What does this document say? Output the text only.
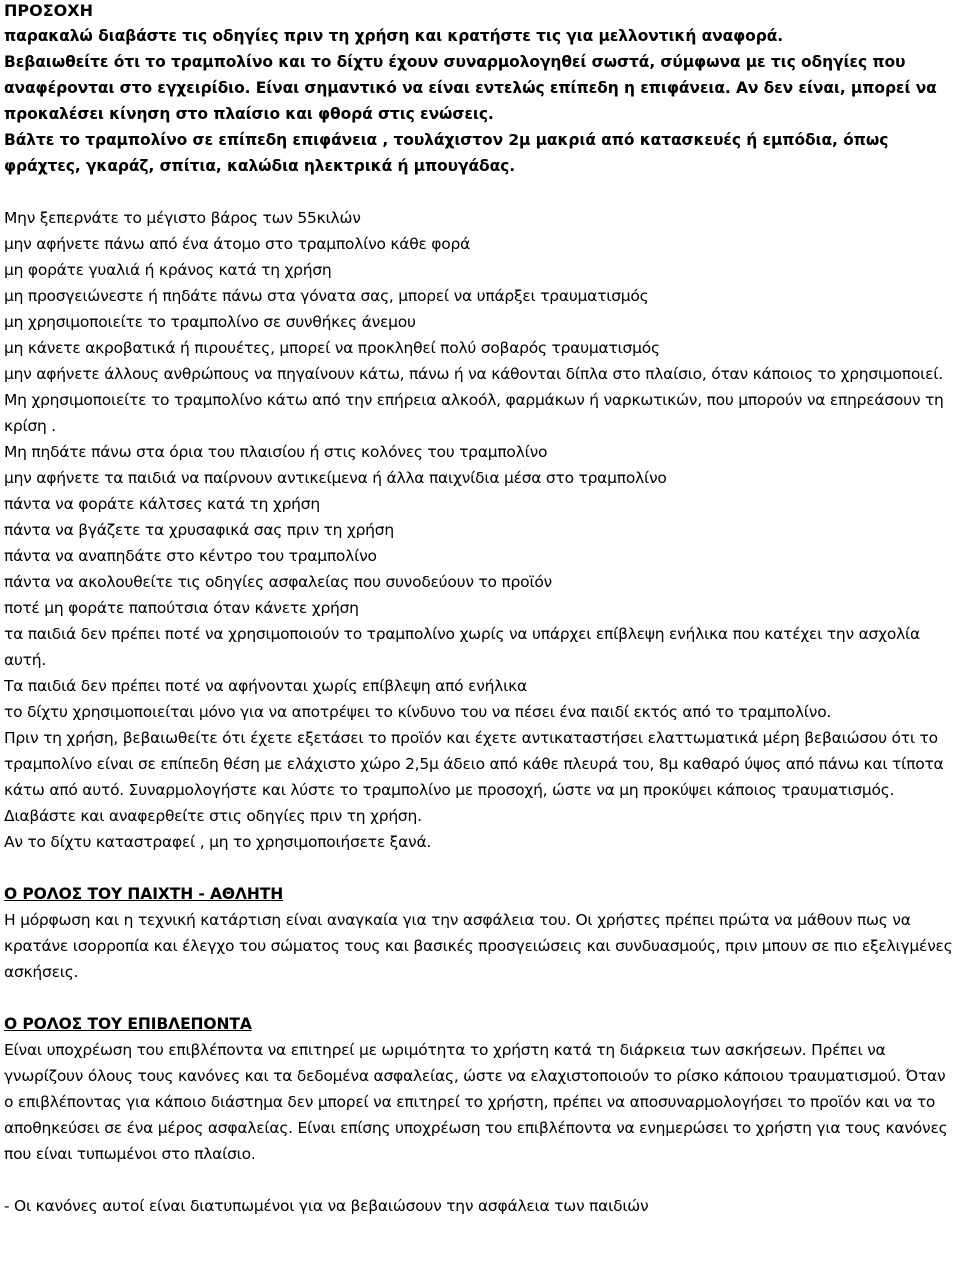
ΠΡΟΣΟΧΗ

παρακαλώ διαβάστε τις οδηγίες πριν τη χρήση και κρατήστε τις για μελλοντική αναφορά.

Βεβαιωθείτε ότι το τραμπολίνο και το δίχτυ έχουν συναρμολογηθεί σωστά, σύμφωνα με τις οδηγίες που αναφέρονται στο εγχειρίδιο. Είναι σημαντικό να είναι εντελώς επίπεδη η επιφάνεια. Αν δεν είναι, μπορεί να προκαλέσει κίνηση στο πλαίσιο και φθορά στις ενώσεις.

Βάλτε το τραμπολίνο σε επίπεδη επιφάνεια , τουλάχιστον 2μ μακριά από κατασκευές ή εμπόδια, όπως φράχτες, γκαράζ, σπίτια, καλώδια ηλεκτρικά ή μπουγάδας.

Μην ξεπερνάτε το μέγιστο βάρος των 55κιλών

μην αφήνετε πάνω από ένα άτομο στο τραμπολίνο κάθε φορά

μη φοράτε γυαλιά ή κράνος κατά τη χρήση

μη προσγειώνεστε ή πηδάτε πάνω στα γόνατα σας, μπορεί να υπάρξει τραυματισμός

μη χρησιμοποιείτε το τραμπολίνο σε συνθήκες άνεμου

μη κάνετε ακροβατικά ή πιρουέτες, μπορεί να προκληθεί πολύ σοβαρός τραυματισμός

μην αφήνετε άλλους ανθρώπους να πηγαίνουν κάτω, πάνω ή να κάθονται δίπλα στο πλαίσιο, όταν κάποιος το χρησιμοποιεί.

Μη χρησιμοποιείτε το τραμπολίνο κάτω από την επήρεια αλκοόλ, φαρμάκων ή ναρκωτικών, που μπορούν να επηρεάσουν τη κρίση .

Μη πηδάτε πάνω στα όρια του πλαισίου ή στις κολόνες του τραμπολίνο

μην αφήνετε τα παιδιά να παίρνουν αντικείμενα ή άλλα παιχνίδια μέσα στο τραμπολίνο

πάντα να φοράτε κάλτσες κατά τη χρήση

πάντα να βγάζετε τα χρυσαφικά σας πριν τη χρήση

πάντα να αναπηδάτε στο κέντρο του τραμπολίνο

πάντα να ακολουθείτε τις οδηγίες ασφαλείας που συνοδεύουν το προϊόν

ποτέ μη φοράτε παπούτσια όταν κάνετε χρήση

τα παιδιά δεν πρέπει ποτέ να χρησιμοποιούν το τραμπολίνο χωρίς να υπάρχει επίβλεψη ενήλικα που κατέχει την ασχολία αυτή.

Τα παιδιά δεν πρέπει ποτέ να αφήνονται χωρίς επίβλεψη από ενήλικα

το δίχτυ χρησιμοποιείται μόνο για να αποτρέψει το κίνδυνο του να πέσει ένα παιδί εκτός από το τραμπολίνο.

Πριν τη χρήση, βεβαιωθείτε ότι έχετε εξετάσει το προϊόν και έχετε αντικαταστήσει ελαττωματικά μέρη βεβαιώσου ότι το τραμπολίνο είναι σε επίπεδη θέση με ελάχιστο χώρο 2,5μ άδειο από κάθε πλευρά του, 8μ καθαρό ύψος από πάνω και τίποτα κάτω από αυτό. Συναρμολογήστε και λύστε το τραμπολίνο με προσοχή, ώστε να μη προκύψει κάποιος τραυματισμός.

Διαβάστε και αναφερθείτε στις οδηγίες πριν τη χρήση.

Αν το δίχτυ καταστραφεί , μη το χρησιμοποιήσετε ξανά.

Ο ΡΟΛΟΣ ΤΟΥ ΠΑΙΧΤΗ - ΑΘΛΗΤΗ

Η μόρφωση και η τεχνική κατάρτιση είναι αναγκαία για την ασφάλεια του. Οι χρήστες πρέπει πρώτα να μάθουν πως να κρατάνε ισορροπία και έλεγχο του σώματος τους και βασικές προσγειώσεις και συνδυασμούς, πριν μπουν σε πιο εξελιγμένες ασκήσεις.

Ο ΡΟΛΟΣ ΤΟΥ ΕΠΙΒΛΕΠΟΝΤΑ

Είναι υποχρέωση του επιβλέποντα να επιτηρεί με ωριμότητα το χρήστη κατά τη διάρκεια των ασκήσεων. Πρέπει να γνωρίζουν όλους τους κανόνες και τα δεδομένα ασφαλείας, ώστε να ελαχιστοποιούν το ρίσκο κάποιου τραυματισμού. Όταν ο επιβλέποντας για κάποιο διάστημα δεν μπορεί να επιτηρεί το χρήστη, πρέπει να αποσυναρμολογήσει το προϊόν και να το αποθηκεύσει σε ένα μέρος ασφαλείας. Είναι επίσης υποχρέωση του επιβλέποντα να ενημερώσει το χρήστη για τους κανόνες που είναι τυπωμένοι στο πλαίσιο.

- Οι κανόνες αυτοί είναι διατυπωμένοι για να βεβαιώσουν την ασφάλεια των παιδιών
